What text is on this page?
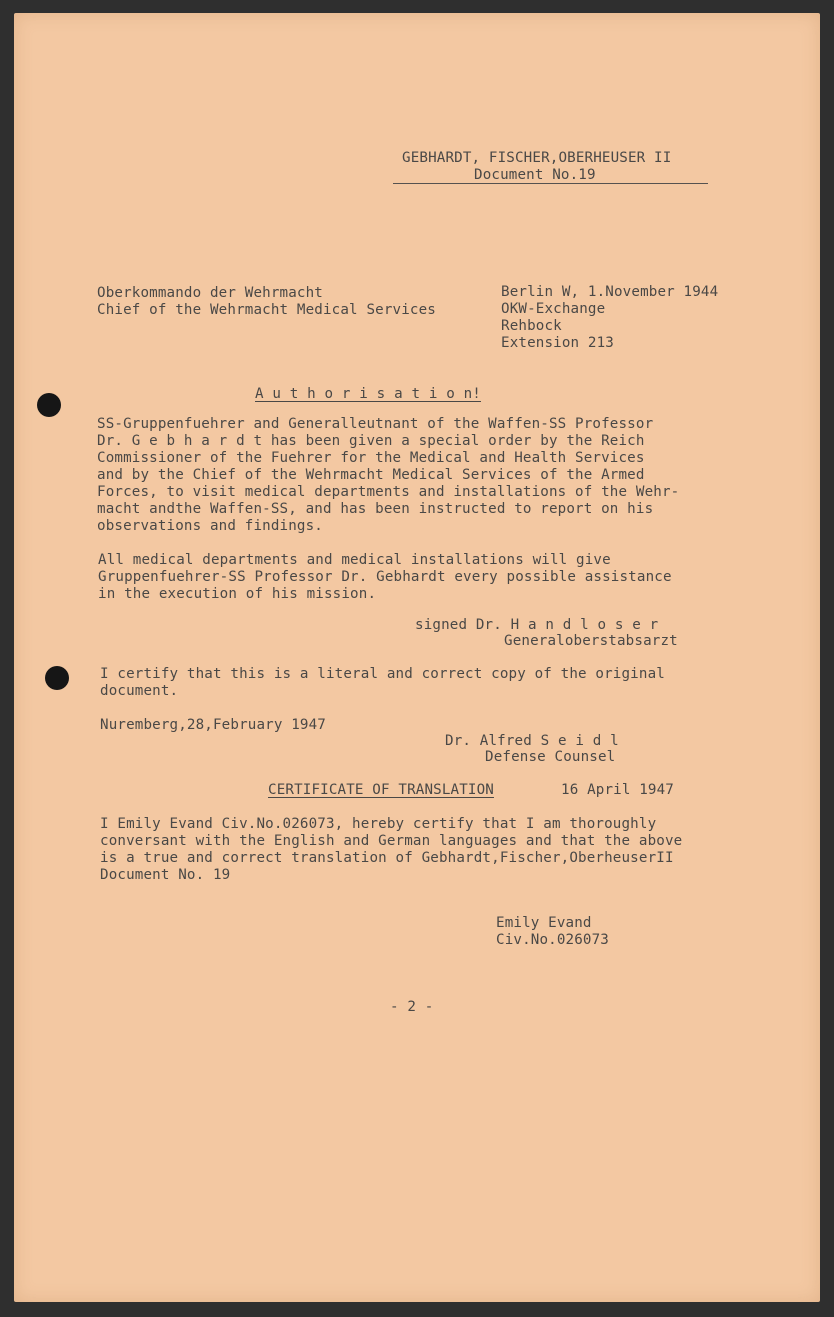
GEBHARDT, FISCHER,OBERHEUSER II
Document No.19
Oberkommando der Wehrmacht
Chief of the Wehrmacht Medical Services
Berlin W, 1.November 1944
OKW-Exchange
Rehbock
Extension 213
A u t h o r i s a t i o n!
SS-Gruppenfuehrer and Generalleutnant of the Waffen-SS Professor
Dr. G e b h a r d t has been given a special order by the Reich
Commissioner of the Fuehrer for the Medical and Health Services
and by the Chief of the Wehrmacht Medical Services of the Armed
Forces, to visit medical departments and installations of the Wehr-
macht andthe Waffen-SS, and has been instructed to report on his
observations and findings.
All medical departments and medical installations will give
Gruppenfuehrer-SS Professor Dr. Gebhardt every possible assistance
in the execution of his mission.
signed Dr. H a n d l o s e r
Generaloberstabsarzt
I certify that this is a literal and correct copy of the original
document.
Nuremberg,28,February 1947
Dr. Alfred S e i d l
Defense Counsel
CERTIFICATE OF TRANSLATION	16 April 1947
I Emily Evand Civ.No.026073, hereby certify that I am thoroughly
conversant with the English and German languages and that the above
is a true and correct translation of Gebhardt,Fischer,OberheuserII
Document No. 19
Emily Evand
Civ.No.026073
- 2 -
